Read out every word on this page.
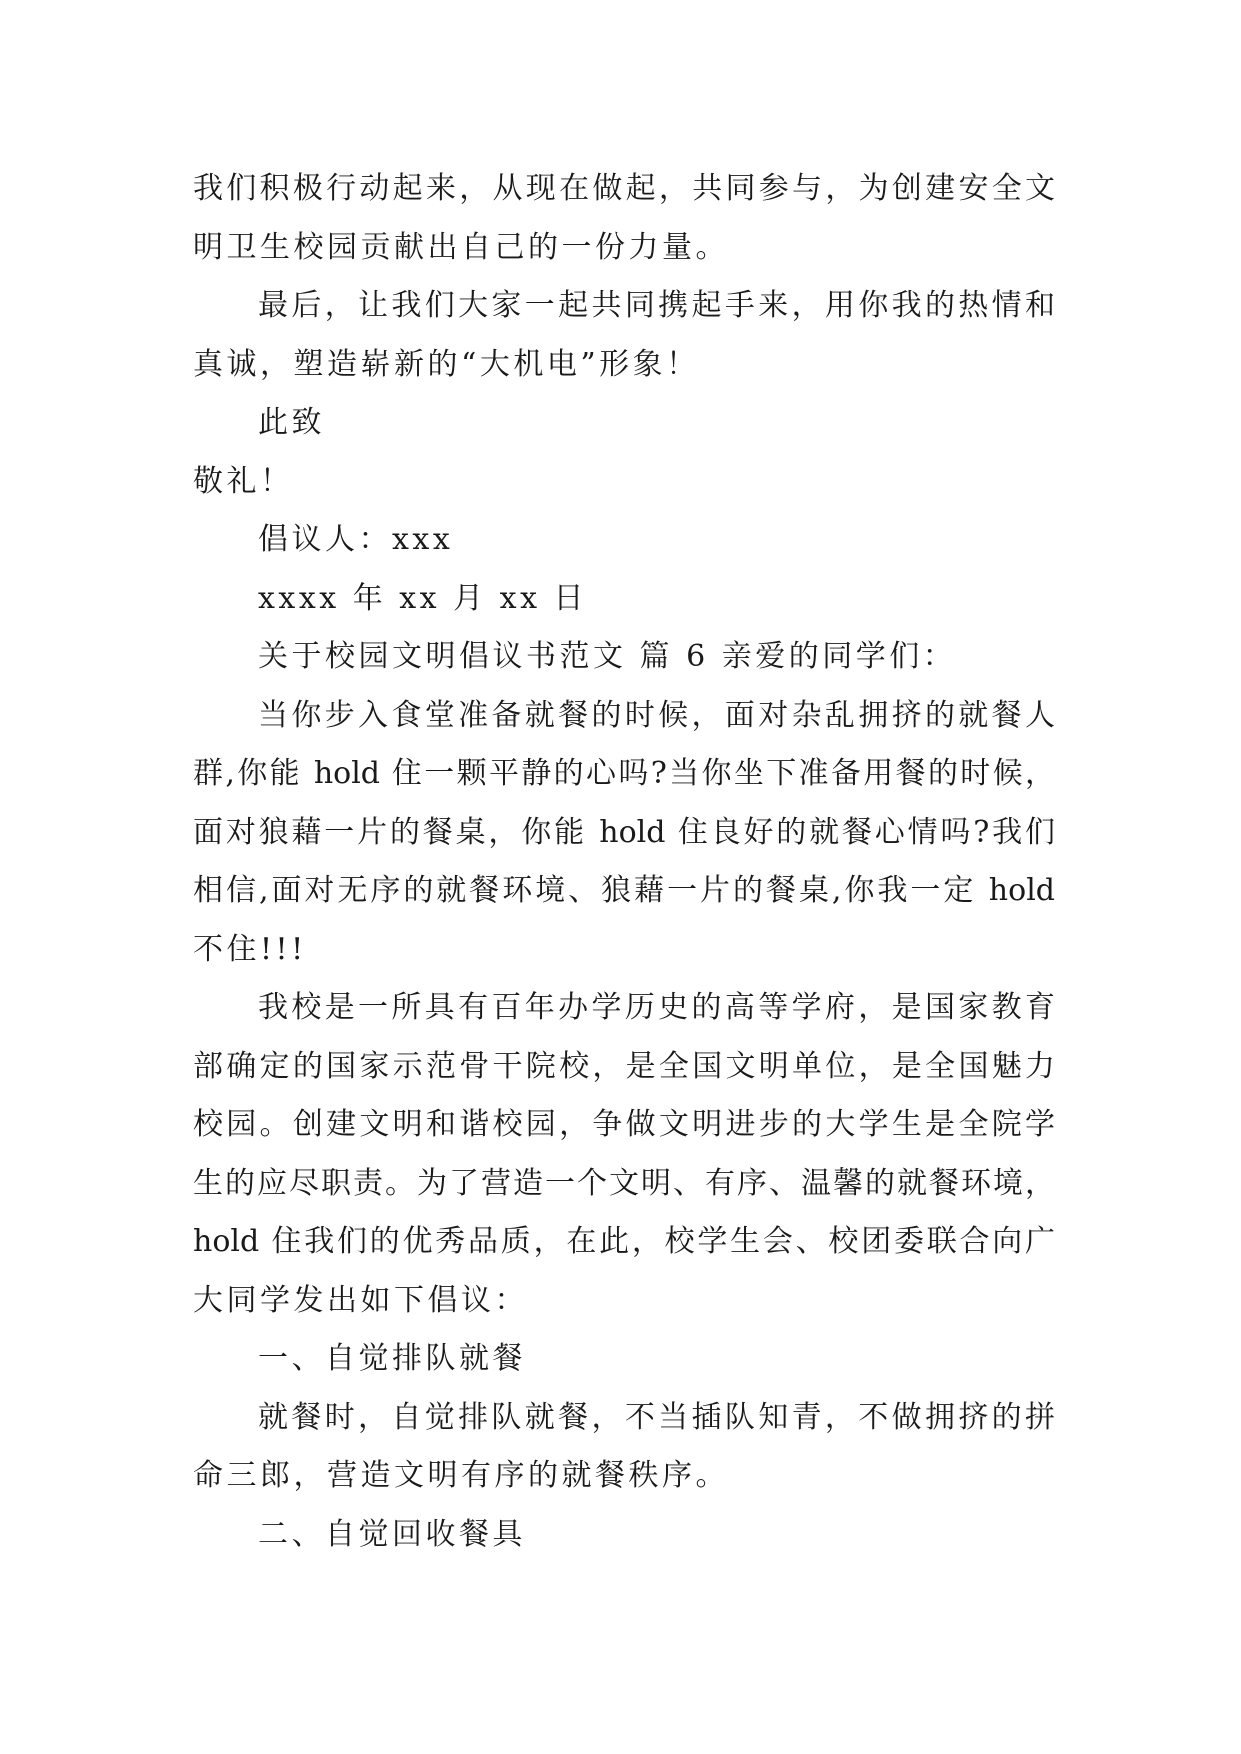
我们积极行动起来，从现在做起，共同参与，为创建安全文
明卫生校园贡献出自己的一份力量。
最后，让我们大家一起共同携起手来，用你我的热情和
真诚，塑造崭新的“大机电”形象！
此致
敬礼！
倡议人：xxx
xxxx 年 xx 月 xx 日
关于校园文明倡议书范文 篇 6 亲爱的同学们：
当你步入食堂准备就餐的时候，面对杂乱拥挤的就餐人
群,你能 hold 住一颗平静的心吗?当你坐下准备用餐的时候，
面对狼藉一片的餐桌，你能 hold 住良好的就餐心情吗?我们
相信,面对无序的就餐环境、狼藉一片的餐桌,你我一定 hold
不住!!!
我校是一所具有百年办学历史的高等学府，是国家教育
部确定的国家示范骨干院校，是全国文明单位，是全国魅力
校园。创建文明和谐校园，争做文明进步的大学生是全院学
生的应尽职责。为了营造一个文明、有序、温馨的就餐环境，
hold 住我们的优秀品质，在此，校学生会、校团委联合向广
大同学发出如下倡议：
一、自觉排队就餐
就餐时，自觉排队就餐，不当插队知青，不做拥挤的拼
命三郎，营造文明有序的就餐秩序。
二、自觉回收餐具
